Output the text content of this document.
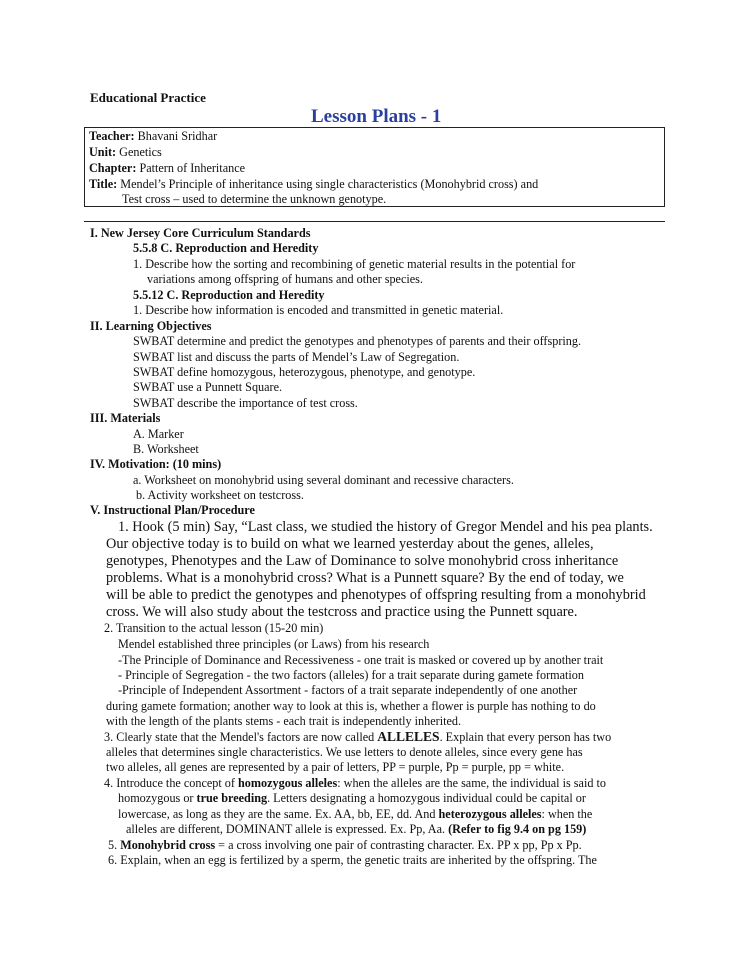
Educational Practice
Lesson Plans - 1
Teacher: Bhavani Sridhar
Unit: Genetics
Chapter: Pattern of Inheritance
Title: Mendel’s Principle of inheritance using single characteristics (Monohybrid cross) and
Test cross – used to determine the unknown genotype.
I. New Jersey Core Curriculum Standards
5.5.8 C. Reproduction and Heredity
1. Describe how the sorting and recombining of genetic material results in the potential for
variations among offspring of humans and other species.
5.5.12 C. Reproduction and Heredity
1. Describe how information is encoded and transmitted in genetic material.
II. Learning Objectives
SWBAT determine and predict the genotypes and phenotypes of parents and their offspring.
SWBAT list and discuss the parts of Mendel’s Law of Segregation.
SWBAT define homozygous, heterozygous, phenotype, and genotype.
SWBAT use a Punnett Square.
SWBAT describe the importance of test cross.
III. Materials
A. Marker
B. Worksheet
IV. Motivation: (10 mins)
a. Worksheet on monohybrid using several dominant and recessive characters.
b. Activity worksheet on testcross.
V. Instructional Plan/Procedure
1. Hook (5 min) Say, “Last class, we studied the history of Gregor Mendel and his pea plants.
Our objective today is to build on what we learned yesterday about the genes, alleles,
genotypes, Phenotypes and the Law of Dominance to solve monohybrid cross inheritance
problems. What is a monohybrid cross? What is a Punnett square? By the end of today, we
will be able to predict the genotypes and phenotypes of offspring resulting from a monohybrid
cross. We will also study about the testcross and practice using the Punnett square.
2. Transition to the actual lesson (15-20 min)
Mendel established three principles (or Laws) from his research
-The Principle of Dominance and Recessiveness - one trait is masked or covered up by another trait
- Principle of Segregation - the two factors (alleles) for a trait separate during gamete formation
-Principle of Independent Assortment - factors of a trait separate independently of one another
during gamete formation; another way to look at this is, whether a flower is purple has nothing to do
with the length of the plants stems - each trait is independently inherited.
3. Clearly state that the Mendel's factors are now called ALLELES. Explain that every person has two
alleles that determines single characteristics. We use letters to denote alleles, since every gene has
two alleles, all genes are represented by a pair of letters, PP = purple, Pp = purple, pp = white.
4. Introduce the concept of homozygous alleles: when the alleles are the same, the individual is said to
homozygous or true breeding. Letters designating a homozygous individual could be capital or
lowercase, as long as they are the same. Ex. AA, bb, EE, dd. And heterozygous alleles: when the
alleles are different, DOMINANT allele is expressed. Ex. Pp, Aa. (Refer to fig 9.4 on pg 159)
5. Monohybrid cross = a cross involving one pair of contrasting character. Ex. PP x pp, Pp x Pp.
6. Explain, when an egg is fertilized by a sperm, the genetic traits are inherited by the offspring. The
